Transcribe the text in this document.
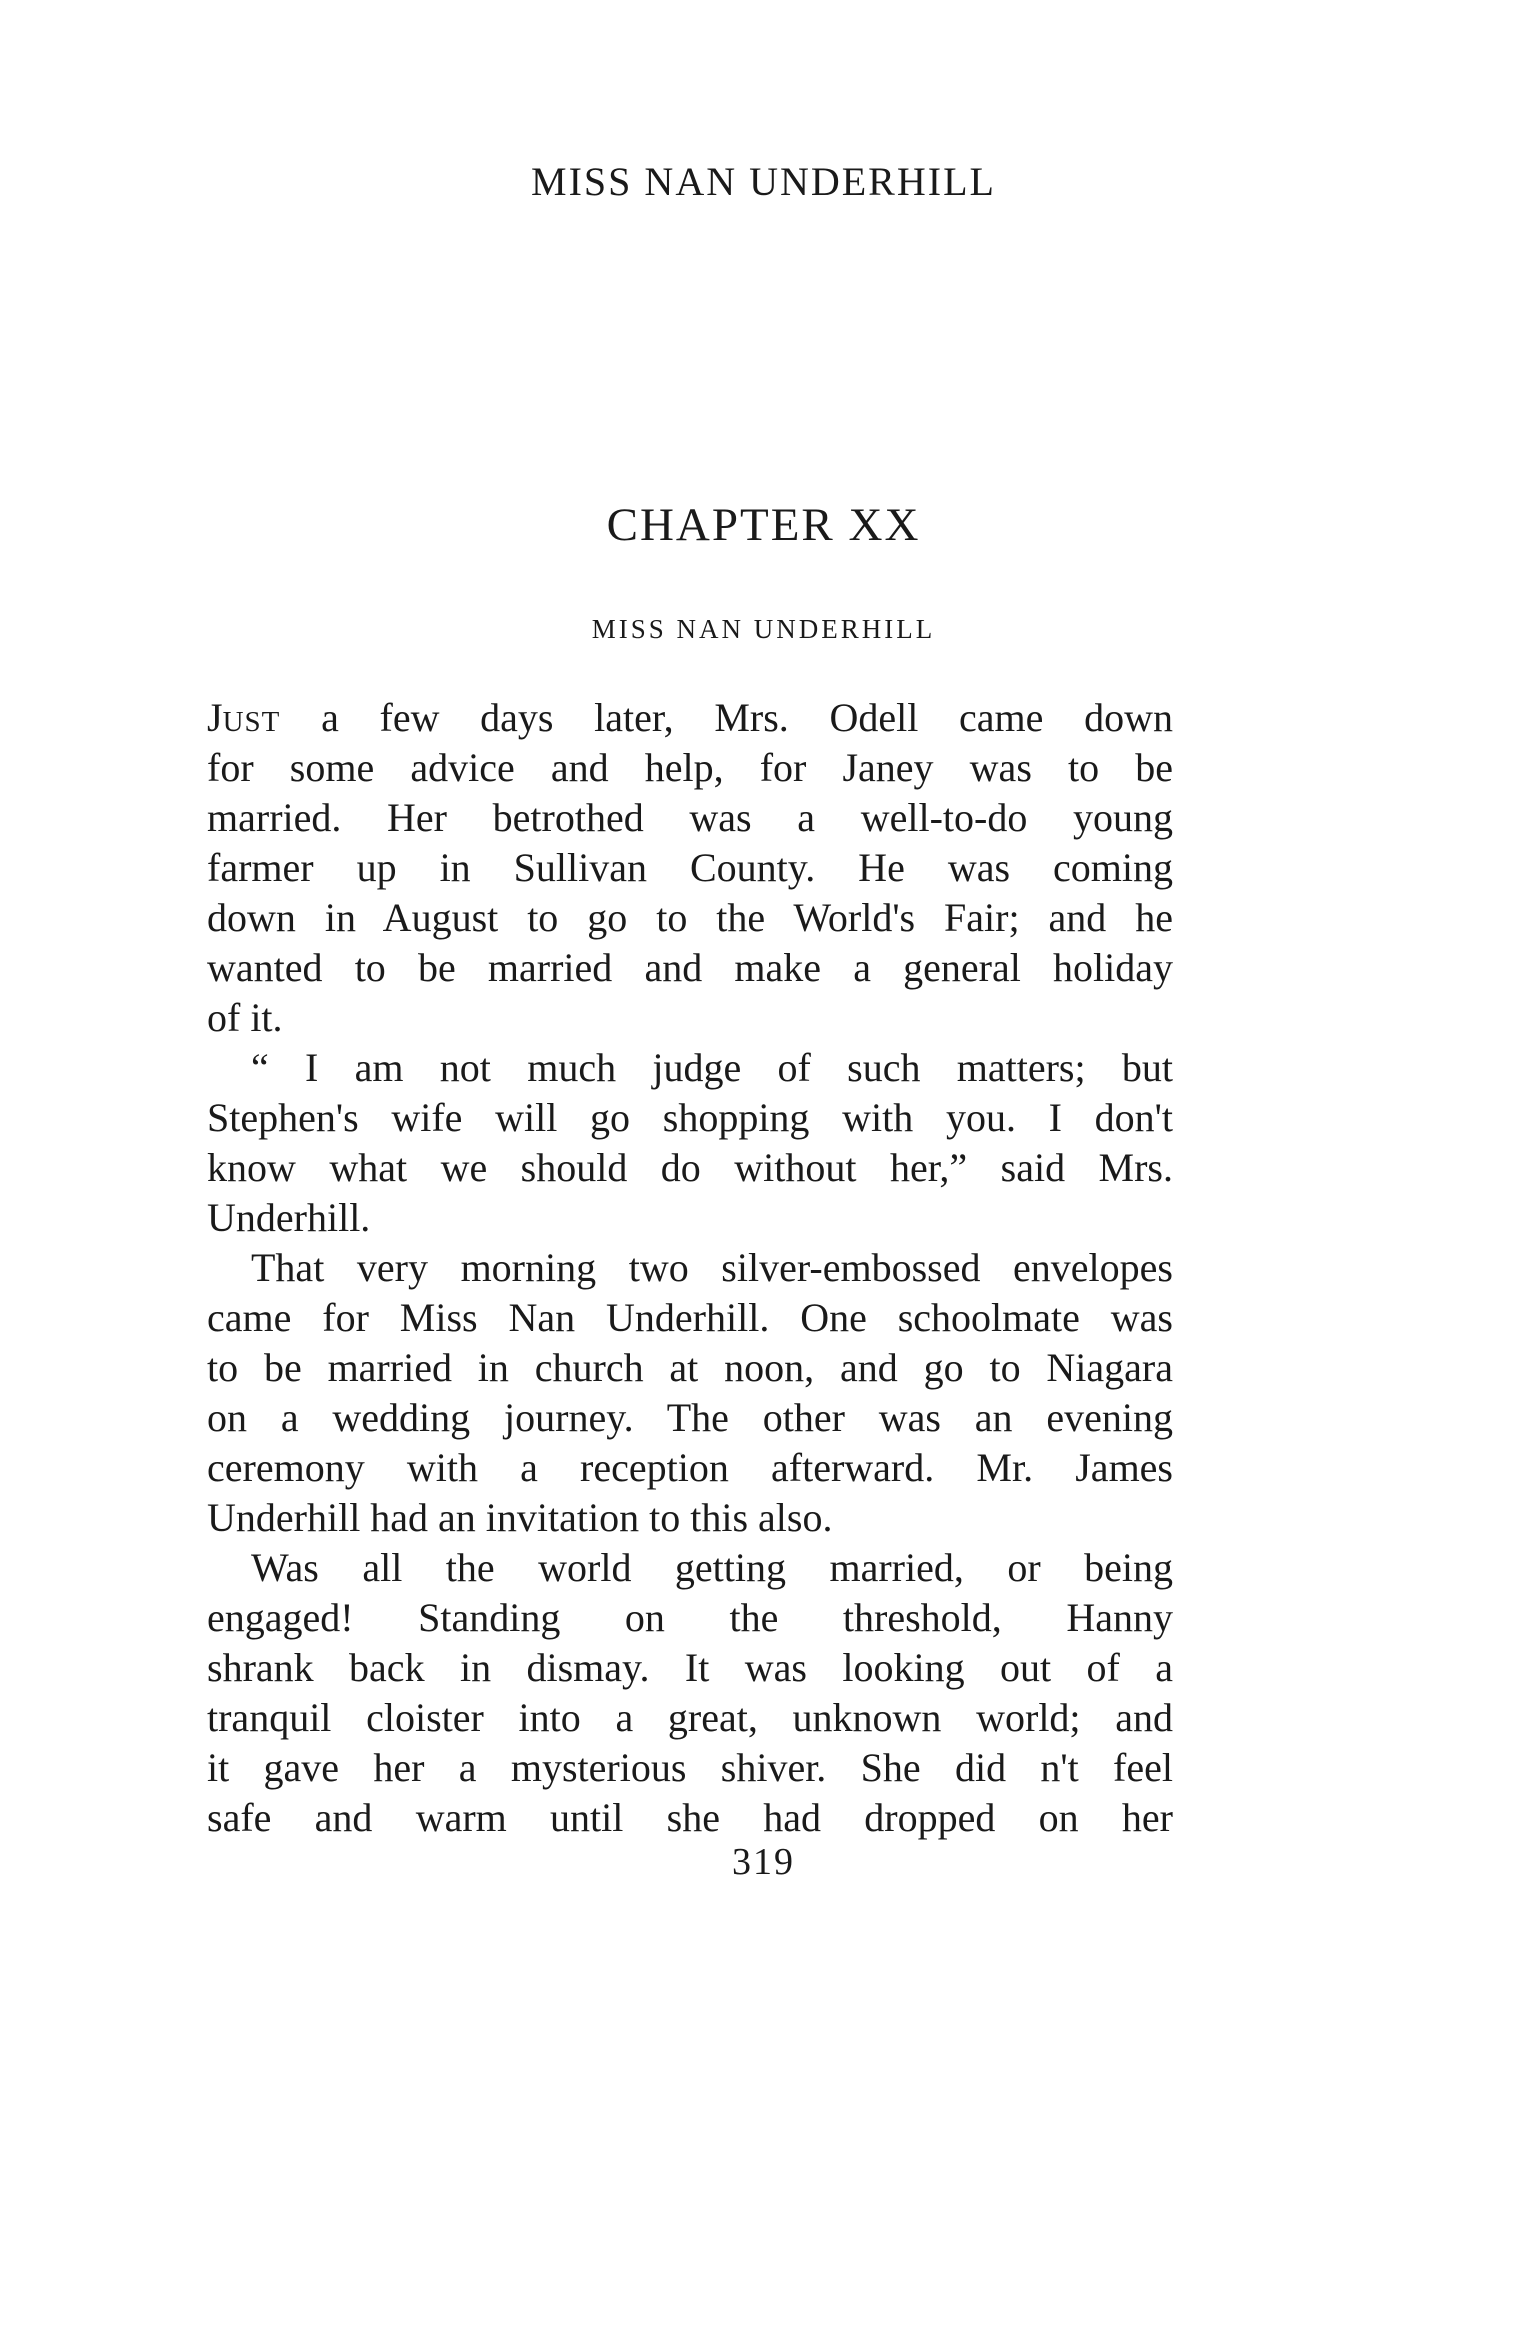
MISS NAN UNDERHILL
CHAPTER XX
MISS NAN UNDERHILL
JUST a few days later, Mrs. Odell came down
for some advice and help, for Janey was to be
married. Her betrothed was a well-to-do young
farmer up in Sullivan County. He was coming
down in August to go to the World's Fair; and he
wanted to be married and make a general holiday
of it.
“ I am not much judge of such matters; but
Stephen's wife will go shopping with you. I don't
know what we should do without her,” said Mrs.
Underhill.
That very morning two silver-embossed envelopes
came for Miss Nan Underhill. One schoolmate was
to be married in church at noon, and go to Niagara
on a wedding journey. The other was an evening
ceremony with a reception afterward. Mr. James
Underhill had an invitation to this also.
Was all the world getting married, or being
engaged! Standing on the threshold, Hanny
shrank back in dismay. It was looking out of a
tranquil cloister into a great, unknown world; and
it gave her a mysterious shiver. She did n't feel
safe and warm until she had dropped on her
319
